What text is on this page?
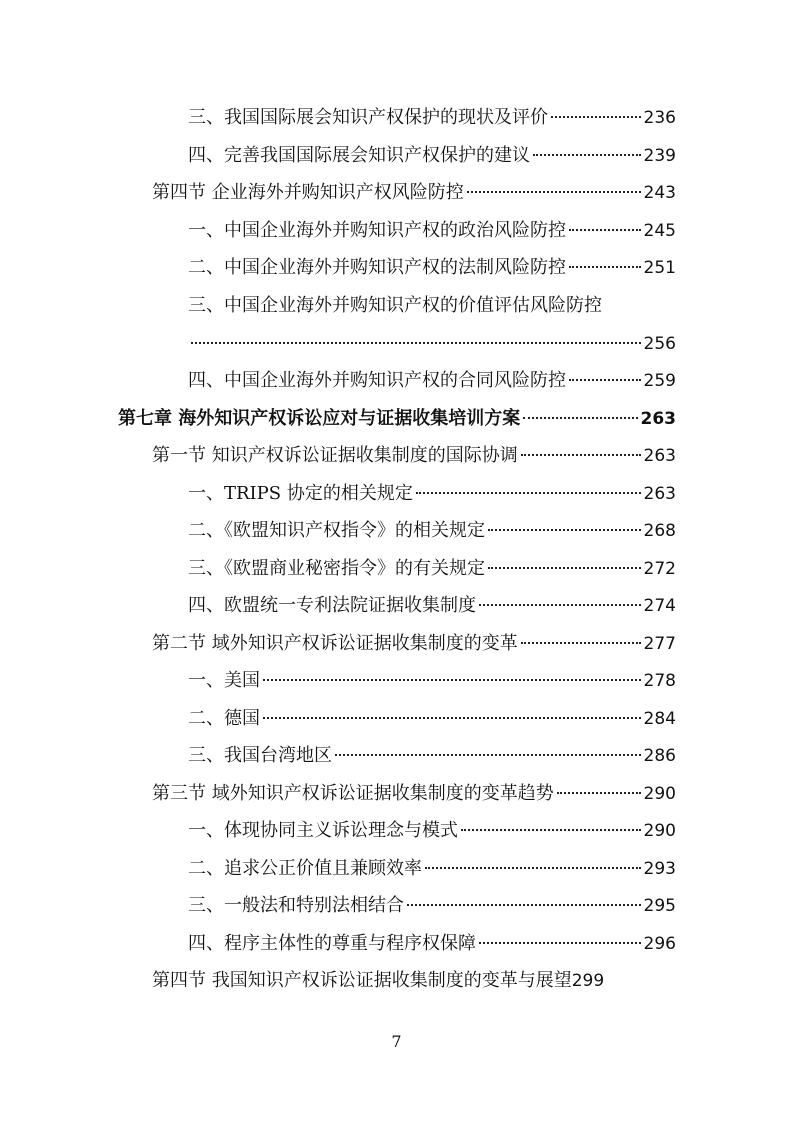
三、我国国际展会知识产权保护的现状及评价	236
四、完善我国国际展会知识产权保护的建议	239
第四节 企业海外并购知识产权风险防控	243
一、中国企业海外并购知识产权的政治风险防控	245
二、中国企业海外并购知识产权的法制风险防控	251
三、中国企业海外并购知识产权的价值评估风险防控
256
四、中国企业海外并购知识产权的合同风险防控	259
第七章 海外知识产权诉讼应对与证据收集培训方案	263
第一节 知识产权诉讼证据收集制度的国际协调	263
一、TRIPS 协定的相关规定	263
二、《欧盟知识产权指令》的相关规定	268
三、《欧盟商业秘密指令》的有关规定	272
四、欧盟统一专利法院证据收集制度	274
第二节 域外知识产权诉讼证据收集制度的变革	277
一、美国	278
二、德国	284
三、我国台湾地区	286
第三节 域外知识产权诉讼证据收集制度的变革趋势	290
一、体现协同主义诉讼理念与模式	290
二、追求公正价值且兼顾效率	293
三、一般法和特别法相结合	295
四、程序主体性的尊重与程序权保障	296
第四节 我国知识产权诉讼证据收集制度的变革与展望 299
7
